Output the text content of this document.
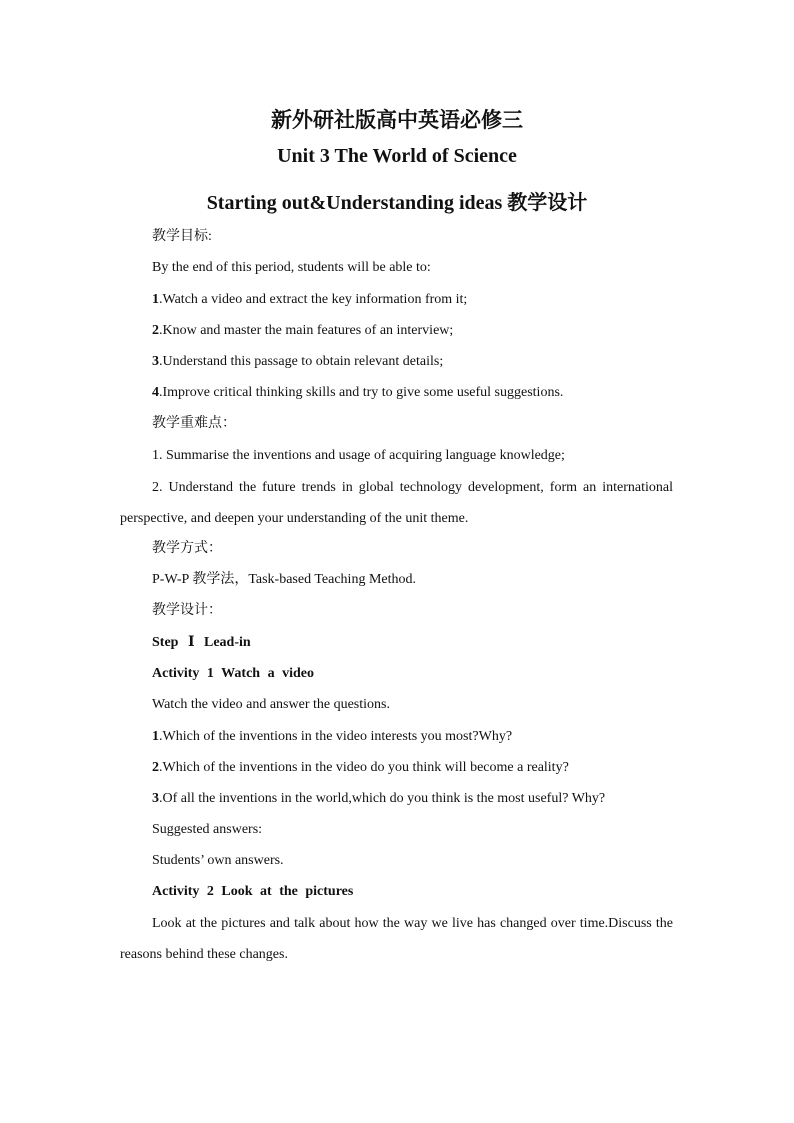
新外研社版高中英语必修三
Unit 3 The World of Science
Starting out&Understanding ideas 教学设计
教学目标:
By the end of this period, students will be able to:
1.Watch a video and extract the key information from it;
2.Know and master the main features of an interview;
3.Understand this passage to obtain relevant details;
4.Improve critical thinking skills and try to give some useful suggestions.
教学重难点：
1. Summarise the inventions and usage of acquiring language knowledge;
2. Understand the future trends in global technology development, form an international perspective, and deepen your understanding of the unit theme.
教学方式：
P-W-P 教学法，Task-based Teaching Method.
教学设计：
Step Ⅰ Lead-in
Activity 1 Watch a video
Watch the video and answer the questions.
1.Which of the inventions in the video interests you most?Why?
2.Which of the inventions in the video do you think will become a reality?
3.Of all the inventions in the world,which do you think is the most useful? Why?
Suggested answers:
Students’ own answers.
Activity 2 Look at the pictures
Look at the pictures and talk about how the way we live has changed over time.Discuss the reasons behind these changes.
